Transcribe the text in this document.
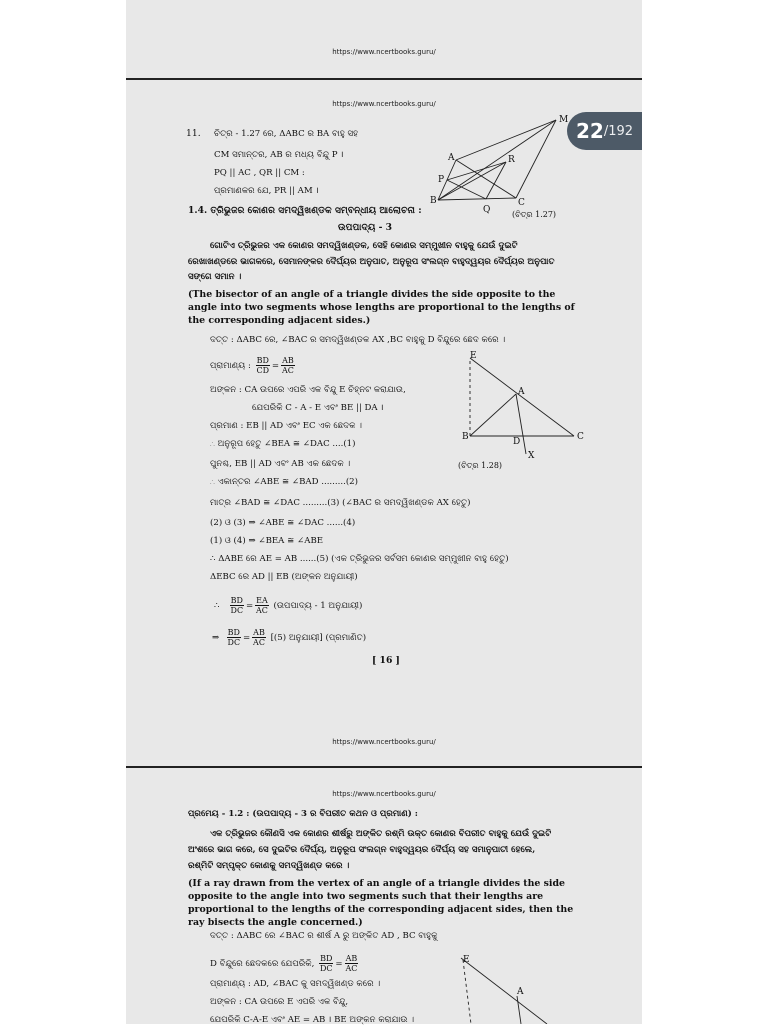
https://www.ncertbooks.guru/
https://www.ncertbooks.guru/
11. ଚିତ୍ର - 1.27 ରେ, ΔABC ର BA ବାହୁ ସହ
CM ସମାନ୍ତର, AB ର ମଧ୍ୟ ବିନ୍ଦୁ P ।
PQ || AC , QR || CM :
ପ୍ରମାଣକର ଯେ, PR || AM ।
1.4. ତ୍ରିଭୁଜର କୋଣର ସମଦ୍ୱିଖଣ୍ଡକ ସମ୍ବନ୍ଧୀୟ ଆଲୋଚନା :
ଉପପାଦ୍ୟ - 3
ଗୋଟିଏ ତ୍ରିଭୁଜର ଏକ କୋଣର ସମଦ୍ୱିଖଣ୍ଡକ, ସେହି କୋଣର ସମ୍ମୁଖୀନ ବାହୁକୁ ଯେଉଁ ଦୁଇଟି
ରେଖାଖଣ୍ଡରେ ଭାଗକରେ, ସେମାନଙ୍କର ଦୈର୍ଘ୍ୟର ଅନୁପାତ, ଅନୁରୂପ ସଂଲଗ୍ନ ବାହୁଦ୍ୱୟର ଦୈର୍ଘ୍ୟର ଅନୁପାତ
ସଙ୍ଗେ ସମାନ ।
(The bisector of an angle of a triangle divides the side opposite to the angle into two segments whose lengths are proportional to the lengths of the corresponding adjacent sides.)
ଦତ୍ତ : ΔABC ରେ, ∠BAC ର ସମଦ୍ୱିଖଣ୍ଡକ AX ,BC ବାହୁକୁ D ବିନ୍ଦୁରେ ଛେଦ କରେ ।
ପ୍ରାମାଣ୍ୟ : $\frac{BD}{CD} = \frac{AB}{AC}$
ଅଙ୍କନ : CA ଉପରେ ଏପରି ଏକ ବିନ୍ଦୁ E ଚିହ୍ନଟ କରାଯାଉ,
ଯେପରିକି C - A - E ଏବଂ BE || DA ।
ପ୍ରମାଣ : EB || AD ଏବଂ EC ଏକ ଛେଦକ ।
∴ ଅନୁରୂପ ହେତୁ ∠BEA ≅ ∠DAC ....(1)
ପୁନଶ୍ଚ, EB || AD ଏବଂ AB ଏକ ଛେଦକ ।
∴ ଏକାନ୍ତର ∠ABE ≅ ∠BAD .........(2)
ମାତ୍ର ∠BAD ≅ ∠DAC .........(3) (∠BAC ର ସମଦ୍ୱିଖଣ୍ଡକ AX ହେତୁ)
(2) ଓ (3) ⇒ ∠ABE ≅ ∠DAC ......(4)
(1) ଓ (4) ⇒ ∠BEA ≅ ∠ABE
∴ ΔABE ରେ AE = AB ......(5) (ଏକ ତ୍ରିଭୁଜର ସର୍ବସମ କୋଣର ସମ୍ମୁଖୀନ ବାହୁ ହେତୁ)
ΔEBC ରେ AD || EB (ଅଙ୍କନ ଅନୁଯାୟୀ)
∴ $\frac{BD}{DC} = \frac{EA}{AC}$ (ଉପପାଦ୍ୟ - 1 ଅନୁଯାୟୀ)
⇒ $\frac{BD}{DC} = \frac{AB}{AC} [(5)$ ଅନୁଯାୟୀ] (ପ୍ରମାଣିତ)
[ 16 ]
https://www.ncertbooks.guru/
M
A	R
P
B	C
Q	(ଚିତ୍ର 1.27)
E
A
B	D	C
X
(ଚିତ୍ର 1.28)
22 /192
https://www.ncertbooks.guru/
ପ୍ରମେୟ - 1.2 : (ଉପପାଦ୍ୟ - 3 ର ବିପରୀତ କଥନ ଓ ପ୍ରମାଣ) :
ଏକ ତ୍ରିଭୁଜର କୌଣସି ଏକ କୋଣର ଶୀର୍ଷରୁ ଅଙ୍କିତ ରଶ୍ମି ଉକ୍ତ କୋଣର ବିପରୀତ ବାହୁକୁ ଯେଉଁ ଦୁଇଟି
ଅଂଶରେ ଭାଗ କରେ, ସେ ଦୁଇଟିର ଦୈର୍ଘ୍ୟ, ଅନୁରୂପ ସଂଲଗ୍ନ ବାହୁଦ୍ୱୟର ଦୈର୍ଘ୍ୟ ସହ ସମାନୁପାତୀ ହେଲେ,
ରଶ୍ମିଟି ସମ୍ପୃକ୍ତ କୋଣକୁ ସମଦ୍ୱିଖଣ୍ଡ କରେ ।
(If a ray drawn from the vertex of an angle of a triangle divides the side opposite to the angle into two segments such that their lengths are proportional to the lengths of the corresponding adjacent sides, then the ray bisects the angle concerned.)
ଦତ୍ତ : ΔABC ରେ ∠BAC ର ଶୀର୍ଷ A ରୁ ଅଙ୍କିତ AD , BC ବାହୁକୁ
D ବିନ୍ଦୁରେ ଛେଦକରେ ଯେପରିକି, $\frac{BD}{DC} = \frac{AB}{AC}$
ପ୍ରାମାଣ୍ୟ : AD, ∠BAC କୁ ସମଦ୍ୱିଖଣ୍ଡ କରେ ।
ଅଙ୍କନ : CA ଉପରେ E ଏପରି ଏକ ବିନ୍ଦୁ,
ଯେପରିକି C-A-E ଏବଂ AE = AB । BE ଅଙ୍କନ କରାଯାଉ ।
E
A
